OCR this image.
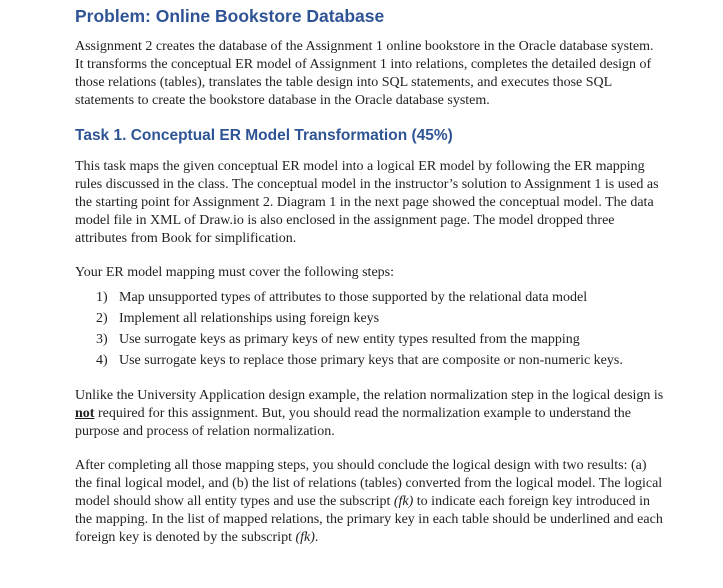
Problem: Online Bookstore Database

Assignment 2 creates the database of the Assignment 1 online bookstore in the Oracle database system. It transforms the conceptual ER model of Assignment 1 into relations, completes the detailed design of those relations (tables), translates the table design into SQL statements, and executes those SQL statements to create the bookstore database in the Oracle database system.

Task 1. Conceptual ER Model Transformation (45%)

This task maps the given conceptual ER model into a logical ER model by following the ER mapping rules discussed in the class. The conceptual model in the instructor’s solution to Assignment 1 is used as the starting point for Assignment 2. Diagram 1 in the next page showed the conceptual model. The data model file in XML of Draw.io is also enclosed in the assignment page. The model dropped three attributes from Book for simplification.

Your ER model mapping must cover the following steps:

1) Map unsupported types of attributes to those supported by the relational data model
2) Implement all relationships using foreign keys
3) Use surrogate keys as primary keys of new entity types resulted from the mapping
4) Use surrogate keys to replace those primary keys that are composite or non-numeric keys.

Unlike the University Application design example, the relation normalization step in the logical design is not required for this assignment. But, you should read the normalization example to understand the purpose and process of relation normalization.

After completing all those mapping steps, you should conclude the logical design with two results: (a) the final logical model, and (b) the list of relations (tables) converted from the logical model. The logical model should show all entity types and use the subscript (fk) to indicate each foreign key introduced in the mapping. In the list of mapped relations, the primary key in each table should be underlined and each foreign key is denoted by the subscript (fk).
